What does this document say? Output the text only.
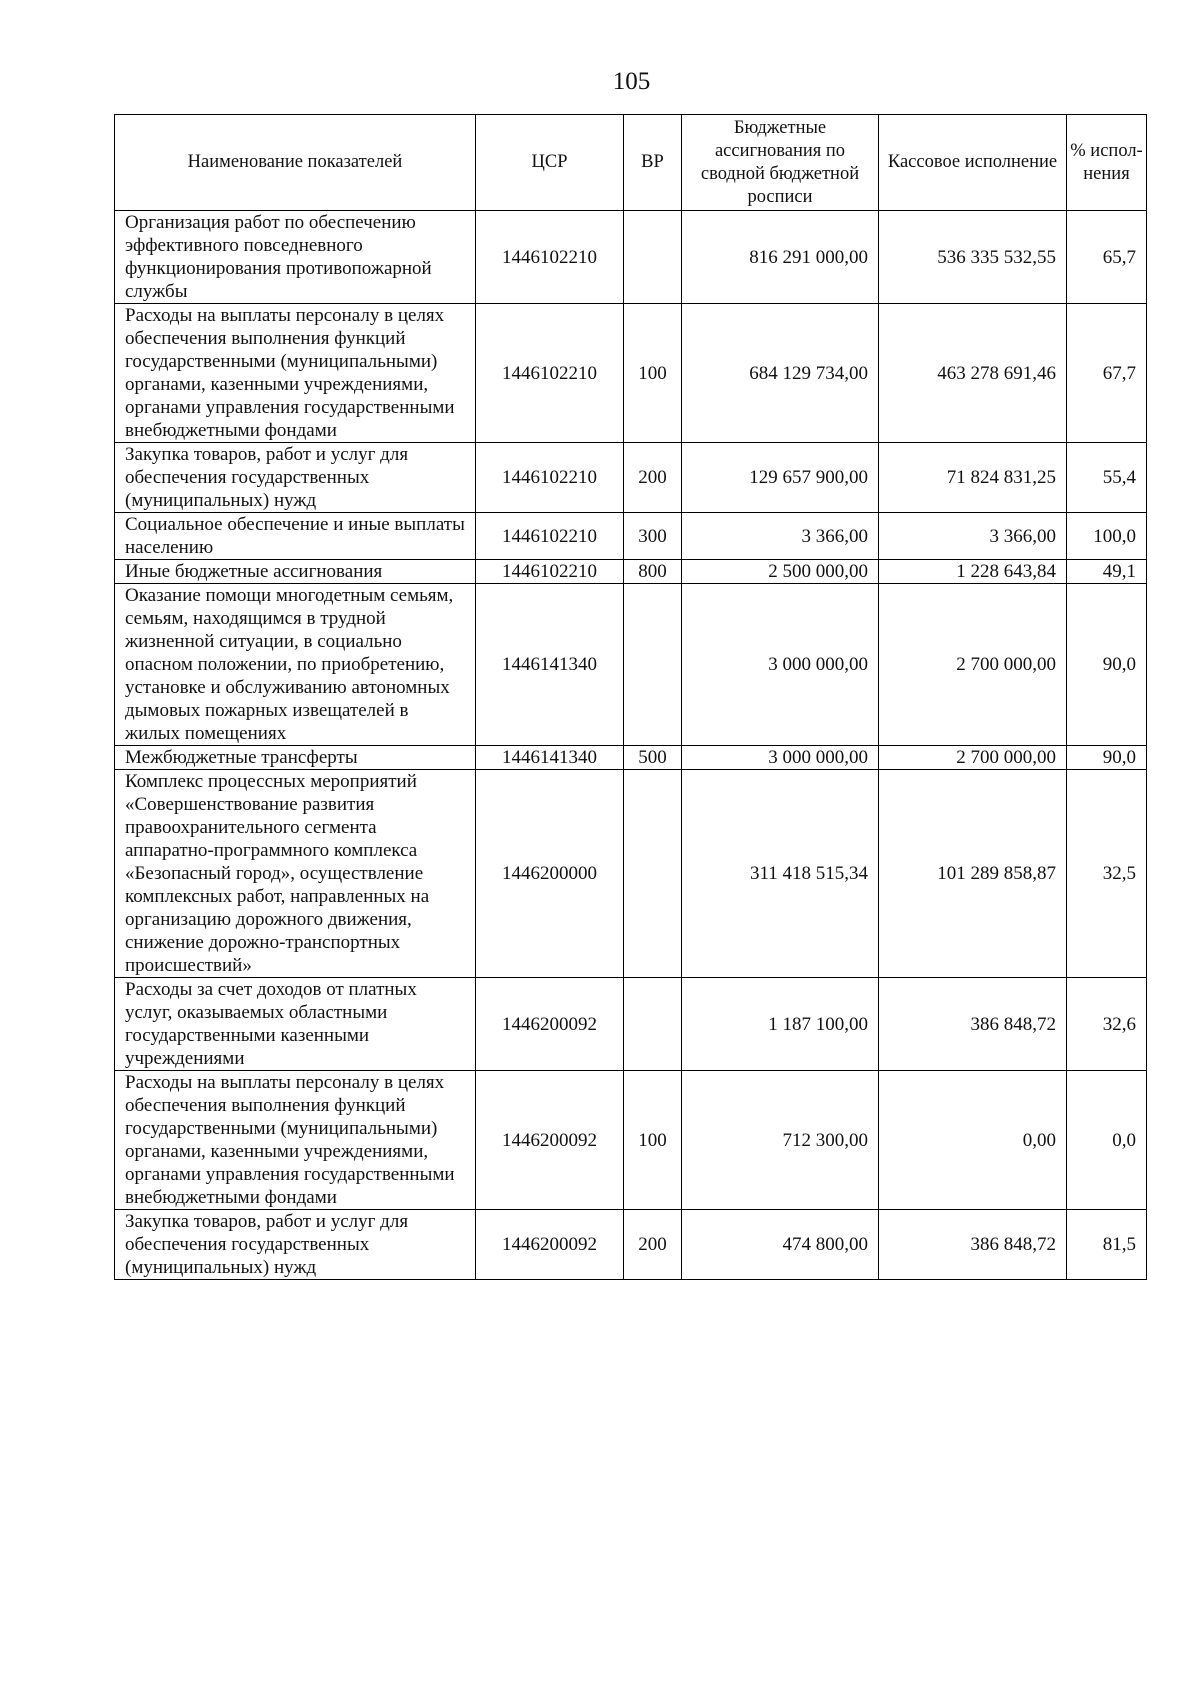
105
Наименование показателей	ЦСР	ВР	Бюджетные ассигнования по сводной бюджетной росписи	Кассовое исполнение	% испол-нения
Организация работ по обеспечению эффективного повседневного функционирования противопожарной службы	1446102210		816 291 000,00	536 335 532,55	65,7
Расходы на выплаты персоналу в целях обеспечения выполнения функций государственными (муниципальными) органами, казенными учреждениями, органами управления государственными внебюджетными фондами	1446102210	100	684 129 734,00	463 278 691,46	67,7
Закупка товаров, работ и услуг для обеспечения государственных (муниципальных) нужд	1446102210	200	129 657 900,00	71 824 831,25	55,4
Социальное обеспечение и иные выплаты населению	1446102210	300	3 366,00	3 366,00	100,0
Иные бюджетные ассигнования	1446102210	800	2 500 000,00	1 228 643,84	49,1
Оказание помощи многодетным семьям, семьям, находящимся в трудной жизненной ситуации, в социально опасном положении, по приобретению, установке и обслуживанию автономных дымовых пожарных извещателей в жилых помещениях	1446141340		3 000 000,00	2 700 000,00	90,0
Межбюджетные трансферты	1446141340	500	3 000 000,00	2 700 000,00	90,0
Комплекс процессных мероприятий «Совершенствование развития правоохранительного сегмента аппаратно-программного комплекса «Безопасный город», осуществление комплексных работ, направленных на организацию дорожного движения, снижение дорожно-транспортных происшествий»	1446200000		311 418 515,34	101 289 858,87	32,5
Расходы за счет доходов от платных услуг, оказываемых областными государственными казенными учреждениями	1446200092		1 187 100,00	386 848,72	32,6
Расходы на выплаты персоналу в целях обеспечения выполнения функций государственными (муниципальными) органами, казенными учреждениями, органами управления государственными внебюджетными фондами	1446200092	100	712 300,00	0,00	0,0
Закупка товаров, работ и услуг для обеспечения государственных (муниципальных) нужд	1446200092	200	474 800,00	386 848,72	81,5
